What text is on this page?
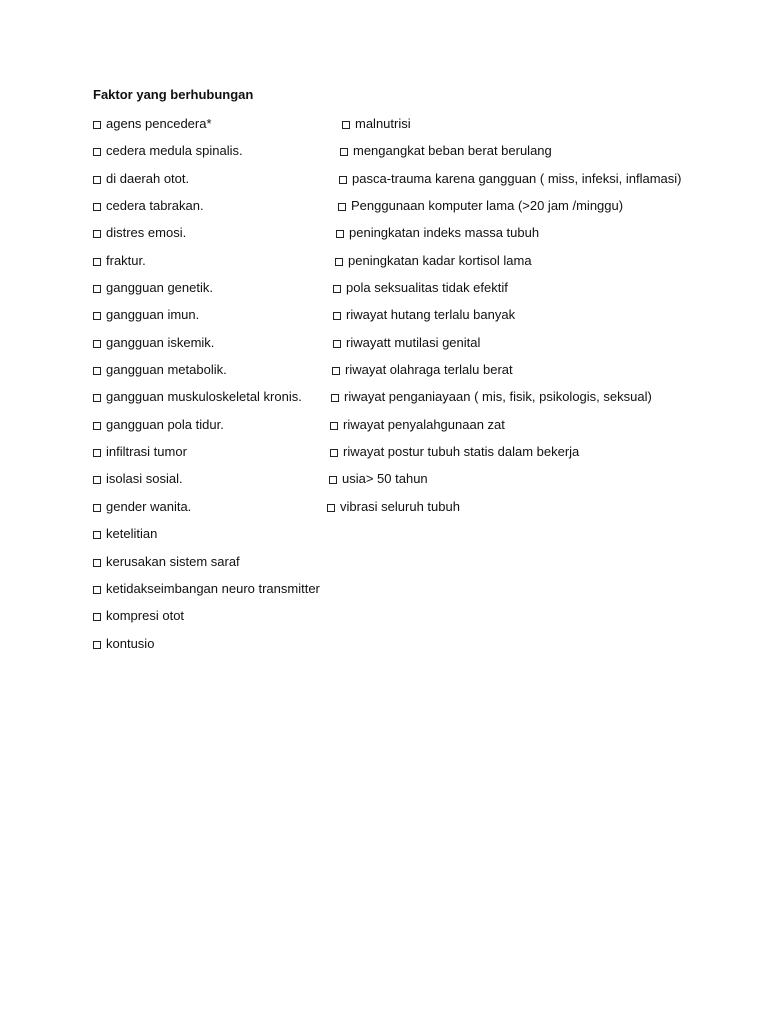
Faktor yang berhubungan
agens pencedera*
cedera medula spinalis.
di daerah otot.
cedera tabrakan.
distres emosi.
fraktur.
gangguan genetik.
gangguan imun.
gangguan iskemik.
gangguan metabolik.
gangguan muskuloskeletal kronis.
gangguan pola tidur.
infiltrasi tumor
isolasi sosial.
gender wanita.
ketelitian
kerusakan sistem saraf
ketidakseimbangan neuro transmitter
kompresi otot
kontusio
malnutrisi
mengangkat beban berat berulang
pasca-trauma karena gangguan ( miss, infeksi, inflamasi)
Penggunaan komputer lama (>20 jam /minggu)
peningkatan indeks massa tubuh
peningkatan kadar kortisol lama
pola seksualitas tidak efektif
riwayat hutang terlalu banyak
riwayatt mutilasi genital
riwayat olahraga terlalu berat
riwayat penganiayaan ( mis, fisik, psikologis, seksual)
riwayat penyalahgunaan zat
riwayat postur tubuh statis dalam bekerja
usia> 50 tahun
vibrasi seluruh tubuh
